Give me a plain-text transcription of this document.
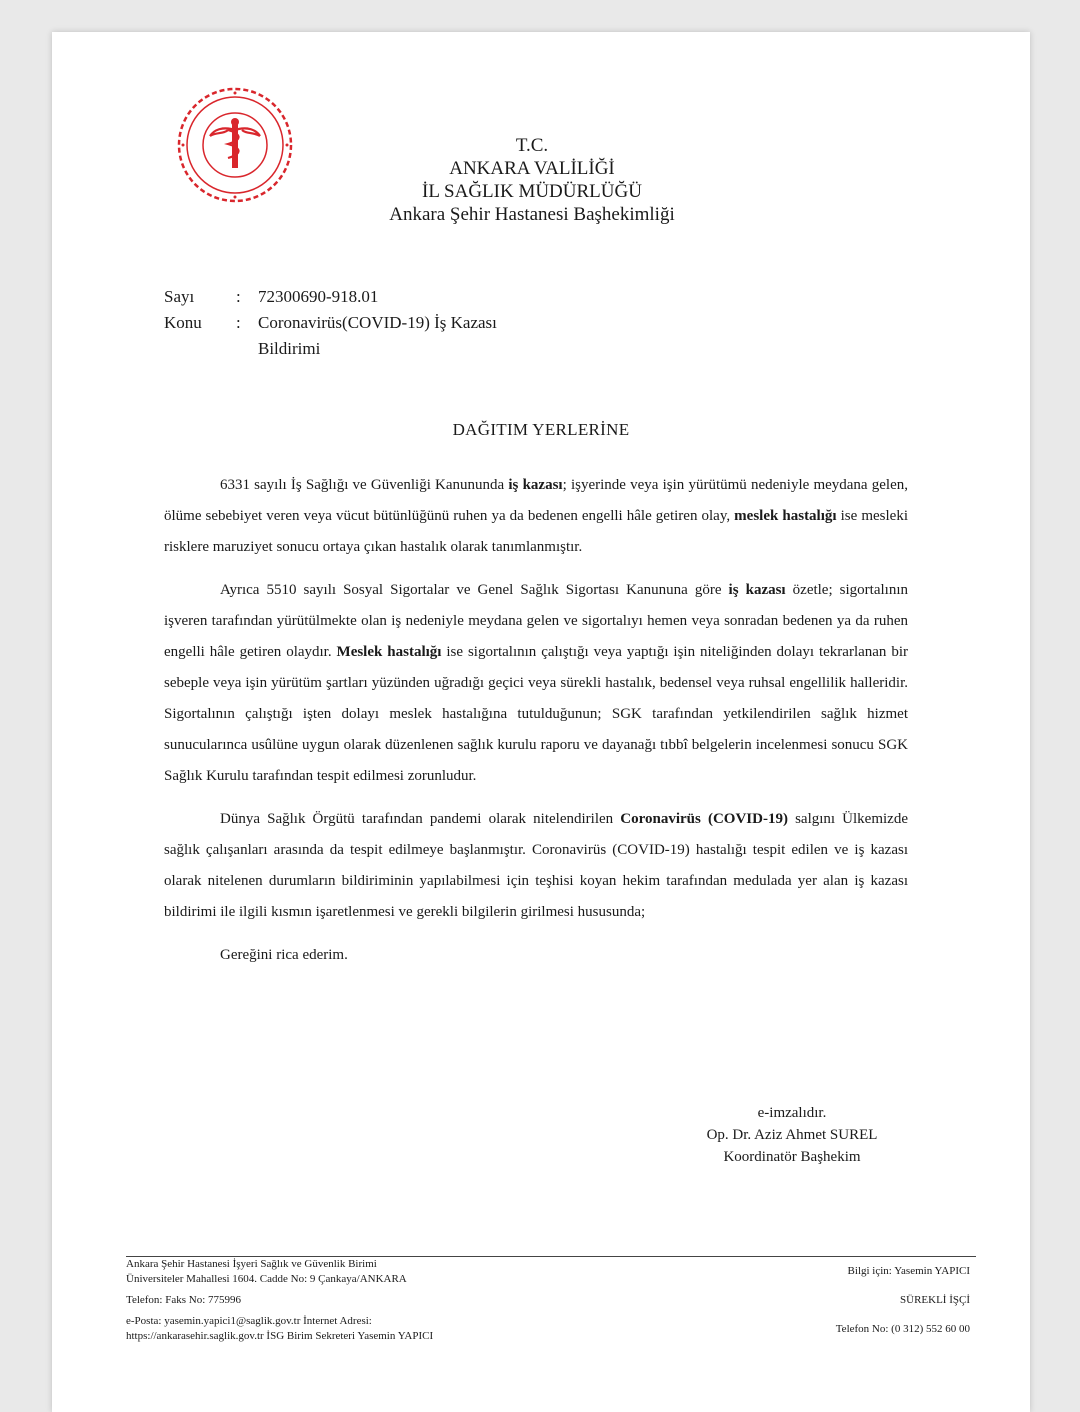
T.C.
ANKARA VALİLİĞİ
İL SAĞLIK MÜDÜRLÜĞÜ
Ankara Şehir Hastanesi Başhekimliği
Sayı	:	72300690-918.01
Konu	:	Coronavirüs(COVID-19) İş Kazası
Bildirimi
DAĞITIM YERLERİNE

6331 sayılı İş Sağlığı ve Güvenliği Kanununda iş kazası; işyerinde veya işin yürütümü nedeniyle meydana gelen, ölüme sebebiyet veren veya vücut bütünlüğünü ruhen ya da bedenen engelli hâle getiren olay, meslek hastalığı ise mesleki risklere maruziyet sonucu ortaya çıkan hastalık olarak tanımlanmıştır.

Ayrıca 5510 sayılı Sosyal Sigortalar ve Genel Sağlık Sigortası Kanununa göre iş kazası özetle; sigortalının işveren tarafından yürütülmekte olan iş nedeniyle meydana gelen ve sigortalıyı hemen veya sonradan bedenen ya da ruhen engelli hâle getiren olaydır. Meslek hastalığı ise sigortalının çalıştığı veya yaptığı işin niteliğinden dolayı tekrarlanan bir sebeple veya işin yürütüm şartları yüzünden uğradığı geçici veya sürekli hastalık, bedensel veya ruhsal engellilik halleridir. Sigortalının çalıştığı işten dolayı meslek hastalığına tutulduğunun; SGK tarafından yetkilendirilen sağlık hizmet sunucularınca usûlüne uygun olarak düzenlenen sağlık kurulu raporu ve dayanağı tıbbî belgelerin incelenmesi sonucu SGK Sağlık Kurulu tarafından tespit edilmesi zorunludur.

Dünya Sağlık Örgütü tarafından pandemi olarak nitelendirilen Coronavirüs (COVID-19) salgını Ülkemizde sağlık çalışanları arasında da tespit edilmeye başlanmıştır. Coronavirüs (COVID-19) hastalığı tespit edilen ve iş kazası olarak nitelenen durumların bildiriminin yapılabilmesi için teşhisi koyan hekim tarafından medulada yer alan iş kazası bildirimi ile ilgili kısmın işaretlenmesi ve gerekli bilgilerin girilmesi hususunda;

Gereğini rica ederim.

e-imzalıdır.
Op. Dr. Aziz Ahmet SUREL
Koordinatör Başhekim
Ankara Şehir Hastanesi İşyeri Sağlık ve Güvenlik Birimi
Üniversiteler Mahallesi 1604. Cadde No: 9 Çankaya/ANKARA
Telefon: Faks No: 775996
e-Posta: yasemin.yapici1@saglik.gov.tr İnternet Adresi:
https://ankarasehir.saglik.gov.tr İSG Birim Sekreteri Yasemin YAPICI
Bilgi için: Yasemin YAPICI
SÜREKLİ İŞÇİ
Telefon No: (0 312) 552 60 00
